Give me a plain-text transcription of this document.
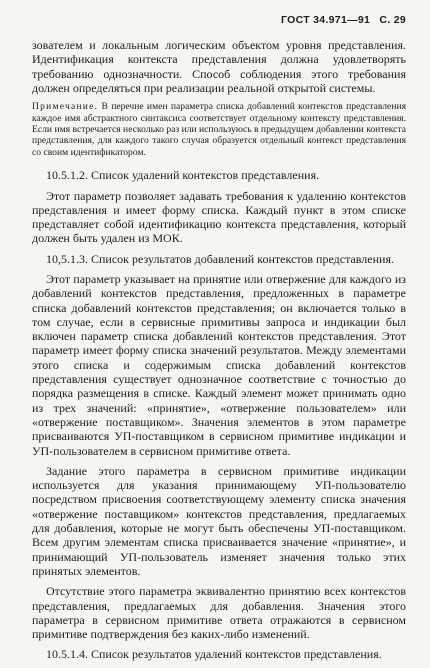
ГОСТ 34.971—91 С. 29

зователем и локальным логическим объектом уровня представления. Идентификация контекста представления должна удовлетворять требованию однозначности. Способ соблюдения этого требования должен определяться при реализации реальной открытой системы.

Примечание. В перечне имен параметра списка добавлений контекстов представления каждое имя абстрактного синтаксиса соответствует отдельному контексту представления. Если имя встречается несколько раз или используюсь в предыдущем добавлении контекста представления, для каждого такого случая образуется отдельный контекст представления со своим идентификатором.

10.5.1.2. Список удалений контекстов представления.

Этот параметр позволяет задавать требования к удалению контекстов представления и имеет форму списка. Каждый пункт в этом списке представляет собой идентификацию контекста представления, который должен быть удален из МОК.

10,5.1.3. Список результатов добавлений контекстов представления.

Этот параметр указывает на принятие или отвержение для каждого из добавлений контекстов представления, предложенных в параметре списка добавлений контекстов представления; он включается только в том случае, если в сервисные примитивы запроса и индикации был включен параметр списка добавлений контекстов представления. Этот параметр имеет форму списка значений результатов. Между элементами этого списка и содержимым списка добавлений контекстов представления существует однозначное соответствие с точностью до порядка размещения в списке. Каждый элемент может принимать одно из трех значений: «принятие», «отвержение пользователем» или «отвержение поставщиком». Значения элементов в этом параметре присваиваются УП-поставщиком в сервисном примитиве индикации и УП-пользователем в сервисном примитиве ответа.

Задание этого параметра в сервисном примитиве индикации используется для указания принимающему УП-пользователю посредством присвоения соответствующему элементу списка значения «отвержение поставщиком» контекстов представления, предлагаемых для добавления, которые не могут быть обеспечены УП-поставщиком. Всем другим элементам списка присваивается значение «принятие», и принимающий УП-пользователь изменяет значения только этих принятых элементов.

Отсутствие этого параметра эквивалентно принятию всех контекстов представления, предлагаемых для добавления. Значения этого параметра в сервисном примитиве ответа отражаются в сервисном примитиве подтверждения без каких-либо изменений.

10.5.1.4. Список результатов удалений контекстов представления.
